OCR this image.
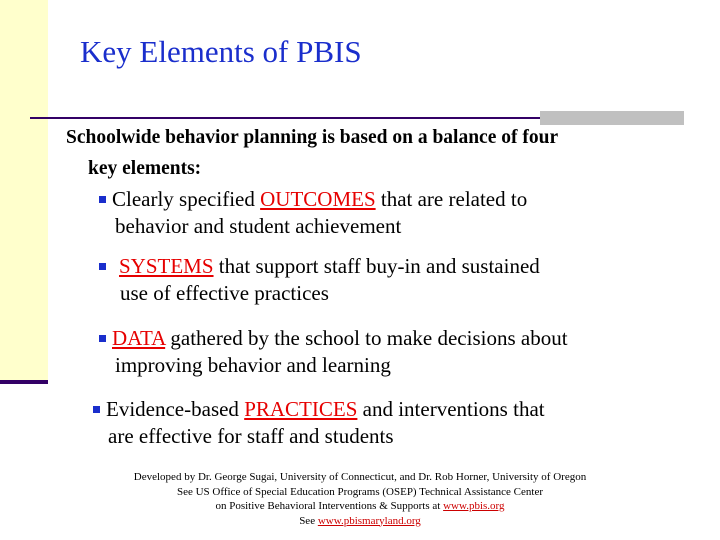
Key Elements of PBIS
Schoolwide behavior planning is based on a balance of four
key elements:
Clearly specified OUTCOMES that are related to
behavior and student achievement
SYSTEMS that support staff buy-in and sustained
use of effective practices
DATA gathered by the school to make decisions about
improving behavior and learning
Evidence-based PRACTICES and interventions that
are effective for staff and students
Developed by Dr. George Sugai, University of Connecticut, and Dr. Rob Horner, University of Oregon
See US Office of Special Education Programs (OSEP) Technical Assistance Center
on Positive Behavioral Interventions & Supports at www.pbis.org
See www.pbismaryland.org
